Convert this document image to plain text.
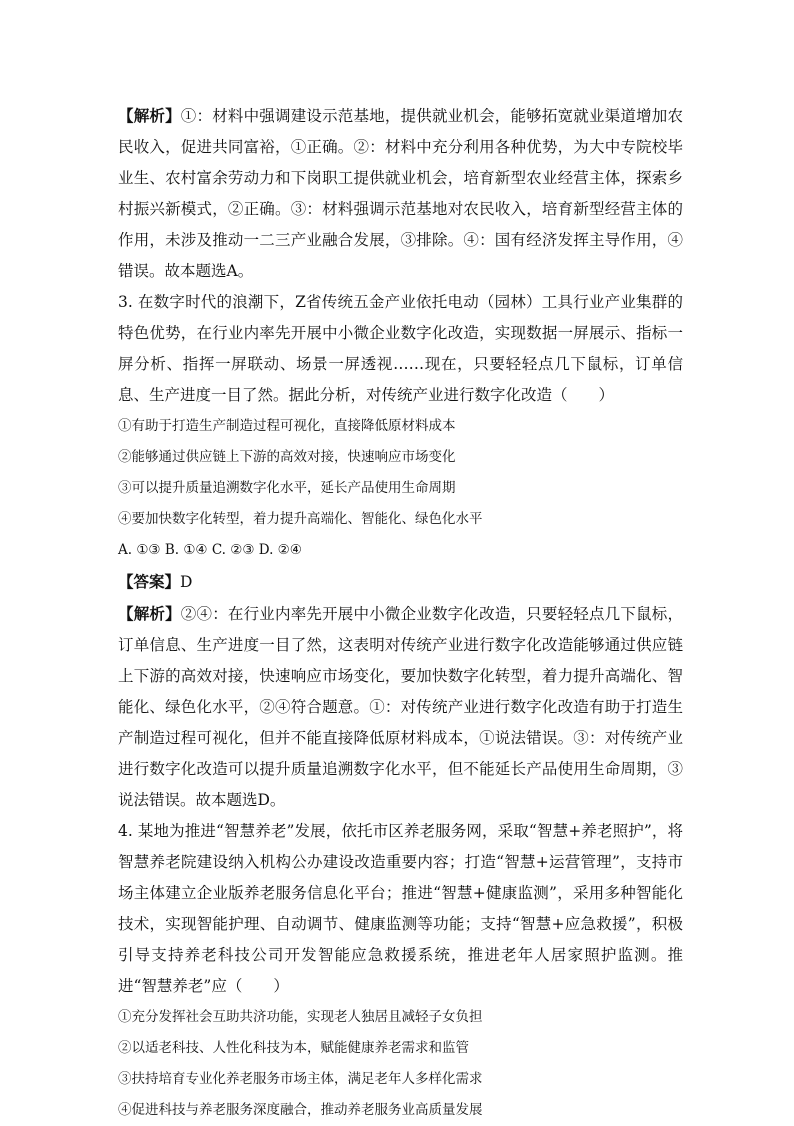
【解析】①：材料中强调建设示范基地，提供就业机会，能够拓宽就业渠道增加农民收入，促进共同富裕，①正确。②：材料中充分利用各种优势，为大中专院校毕业生、农村富余劳动力和下岗职工提供就业机会，培育新型农业经营主体，探索乡村振兴新模式，②正确。③：材料强调示范基地对农民收入，培育新型经营主体的作用，未涉及推动一二三产业融合发展，③排除。④：国有经济发挥主导作用，④错误。故本题选A。

3. 在数字时代的浪潮下，Z省传统五金产业依托电动（园林）工具行业产业集群的特色优势，在行业内率先开展中小微企业数字化改造，实现数据一屏展示、指标一屏分析、指挥一屏联动、场景一屏透视……现在，只要轻轻点几下鼠标，订单信息、生产进度一目了然。据此分析，对传统产业进行数字化改造（　　）

①有助于打造生产制造过程可视化，直接降低原材料成本

②能够通过供应链上下游的高效对接，快速响应市场变化

③可以提升质量追溯数字化水平，延长产品使用生命周期

④要加快数字化转型，着力提升高端化、智能化、绿色化水平

A. ①③ B. ①④ C. ②③ D. ②④

【答案】D

【解析】②④：在行业内率先开展中小微企业数字化改造，只要轻轻点几下鼠标，订单信息、生产进度一目了然，这表明对传统产业进行数字化改造能够通过供应链上下游的高效对接，快速响应市场变化，要加快数字化转型，着力提升高端化、智能化、绿色化水平，②④符合题意。①：对传统产业进行数字化改造有助于打造生产制造过程可视化，但并不能直接降低原材料成本，①说法错误。③：对传统产业进行数字化改造可以提升质量追溯数字化水平，但不能延长产品使用生命周期，③说法错误。故本题选D。

4. 某地为推进“智慧养老”发展，依托市区养老服务网，采取“智慧+养老照护”，将智慧养老院建设纳入机构公办建设改造重要内容；打造“智慧+运营管理”，支持市场主体建立企业版养老服务信息化平台；推进“智慧+健康监测”，采用多种智能化技术，实现智能护理、自动调节、健康监测等功能；支持“智慧+应急救援”，积极引导支持养老科技公司开发智能应急救援系统，推进老年人居家照护监测。推进“智慧养老”应（　　）

①充分发挥社会互助共济功能，实现老人独居且减轻子女负担

②以适老科技、人性化科技为本，赋能健康养老需求和监管

③扶持培育专业化养老服务市场主体，满足老年人多样化需求

④促进科技与养老服务深度融合，推动养老服务业高质量发展
